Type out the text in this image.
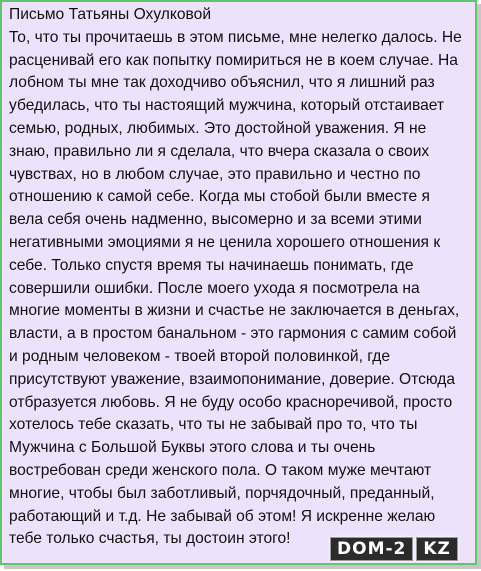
Письмо Татьяны Охулковой
То, что ты прочитаешь в этом письме, мне нелегко далось. Не
расценивай его как попытку помириться не в коем случае. На
лобном ты мне так доходчиво объяснил, что я лишний раз
убедилась, что ты настоящий мужчина, который отстаивает
семью, родных, любимых. Это достойной уважения. Я не
знаю, правильно ли я сделала, что вчера сказала о своих
чувствах, но в любом случае, это правильно и честно по
отношению к самой себе. Когда мы стобой были вместе я
вела себя очень надменно, высомерно и за всеми этими
негативными эмоциями я не ценила хорошего отношения к
себе. Только спустя время ты начинаешь понимать, где
совершили ошибки. После моего ухода я посмотрела на
многие моменты в жизни и счастье не заключается в деньгах,
власти, а в простом банальном - это гармония с самим собой
и родным человеком - твоей второй половинкой, где
присутствуют уважение, взаимопонимание, доверие. Отсюда
отбразуется любовь. Я не буду особо красноречивой, просто
хотелось тебе сказать, что ты не забывай про то, что ты
Мужчина с Большой Буквы этого слова и ты очень
востребован среди женского пола. О таком муже мечтают
многие, чтобы был заботливый, порчядочный, преданный,
работающий и т.д. Не забывай об этом! Я искренне желаю
тебе только счастья, ты достоин этого!
DOM-2	KZ
